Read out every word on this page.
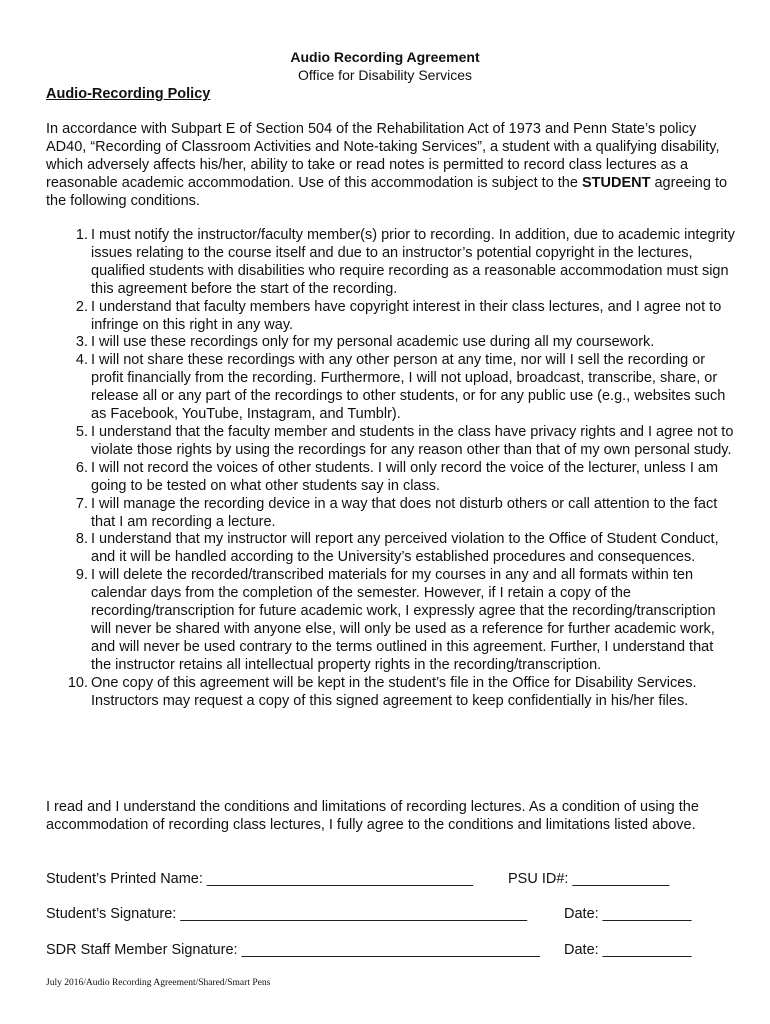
Audio Recording Agreement
Office for Disability Services
Audio-Recording Policy
In accordance with Subpart E of Section 504 of the Rehabilitation Act of 1973 and Penn State’s policy AD40, “Recording of Classroom Activities and Note-taking Services”, a student with a qualifying disability, which adversely affects his/her, ability to take or read notes is permitted to record class lectures as a reasonable academic accommodation. Use of this accommodation is subject to the STUDENT agreeing to the following conditions.
1. I must notify the instructor/faculty member(s) prior to recording. In addition, due to academic integrity issues relating to the course itself and due to an instructor’s potential copyright in the lectures, qualified students with disabilities who require recording as a reasonable accommodation must sign this agreement before the start of the recording.
2. I understand that faculty members have copyright interest in their class lectures, and I agree not to infringe on this right in any way.
3. I will use these recordings only for my personal academic use during all my coursework.
4. I will not share these recordings with any other person at any time, nor will I sell the recording or profit financially from the recording. Furthermore, I will not upload, broadcast, transcribe, share, or release all or any part of the recordings to other students, or for any public use (e.g., websites such as Facebook, YouTube, Instagram, and Tumblr).
5. I understand that the faculty member and students in the class have privacy rights and I agree not to violate those rights by using the recordings for any reason other than that of my own personal study.
6. I will not record the voices of other students. I will only record the voice of the lecturer, unless I am going to be tested on what other students say in class.
7. I will manage the recording device in a way that does not disturb others or call attention to the fact that I am recording a lecture.
8. I understand that my instructor will report any perceived violation to the Office of Student Conduct, and it will be handled according to the University’s established procedures and consequences.
9. I will delete the recorded/transcribed materials for my courses in any and all formats within ten calendar days from the completion of the semester. However, if I retain a copy of the recording/transcription for future academic work, I expressly agree that the recording/transcription will never be shared with anyone else, will only be used as a reference for further academic work, and will never be used contrary to the terms outlined in this agreement. Further, I understand that the instructor retains all intellectual property rights in the recording/transcription.
10. One copy of this agreement will be kept in the student’s file in the Office for Disability Services. Instructors may request a copy of this signed agreement to keep confidentially in his/her files.
I read and I understand the conditions and limitations of recording lectures. As a condition of using the accommodation of recording class lectures, I fully agree to the conditions and limitations listed above.
Student’s Printed Name: _________________________________ PSU ID#: ____________
Student’s Signature: ___________________________________________	Date: ___________
SDR Staff Member Signature: _____________________________________ Date: ___________
July 2016/Audio Recording Agreement/Shared/Smart Pens
